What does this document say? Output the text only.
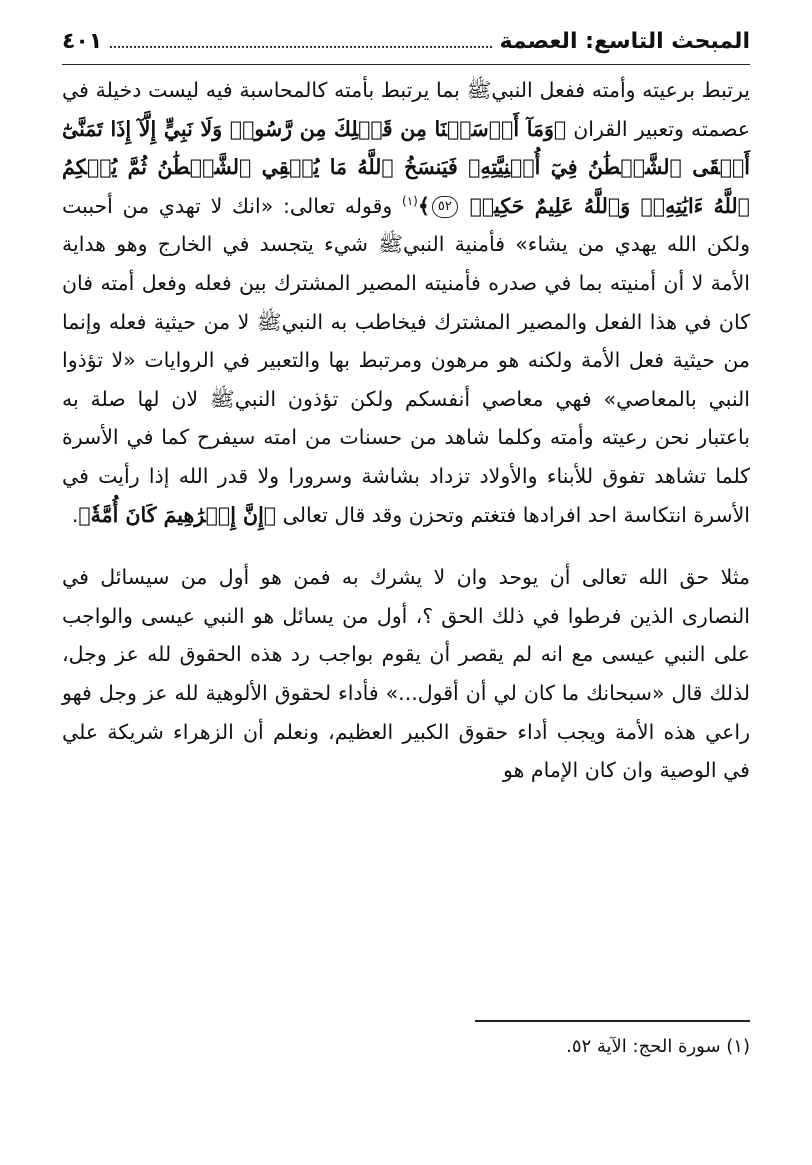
المبحث التاسع: العصمة
٤٠١

يرتبط برعيته وأمته ففعل النبيﷺ بما يرتبط بأمته كالمحاسبة فيه ليست دخيلة في عصمته وتعبير القران ﴿وَمَآ أَرۡسَلۡنَا مِن قَبۡلِكَ مِن رَّسُولٖ وَلَا نَبِيٍّ إِلَّآ إِذَا تَمَنَّىٰٓ أَلۡقَى ٱلشَّيۡطَٰنُ فِيٓ أُمۡنِيَّتِهِۦ فَيَنسَخُ ٱللَّهُ مَا يُلۡقِي ٱلشَّيۡطَٰنُ ثُمَّ يُحۡكِمُ ٱللَّهُ ءَايَٰتِهِۦۗ وَٱللَّهُ عَلِيمٌ حَكِيمٞ ٥٢﴾$^{(١)}$ وقوله تعالى: «انك لا تهدي من أحببت ولكن الله يهدي من يشاء» فأمنية النبيﷺ شيء يتجسد في الخارج وهو هداية الأمة لا أن أمنيته بما في صدره فأمنيته المصير المشترك بين فعله وفعل أمته فان كان في هذا الفعل والمصير المشترك فيخاطب به النبيﷺ لا من حيثية فعله وإنما من حيثية فعل الأمة ولكنه هو مرهون ومرتبط بها والتعبير في الروايات «لا تؤذوا النبي بالمعاصي» فهي معاصي أنفسكم ولكن تؤذون النبيﷺ لان لها صلة به باعتبار نحن رعيته وأمته وكلما شاهد من حسنات من امته سيفرح كما في الأسرة كلما تشاهد تفوق للأبناء والأولاد تزداد بشاشة وسرورا ولا قدر الله إذا رأيت في الأسرة انتكاسة احد افرادها فتغتم وتحزن وقد قال تعالى ﴿إِنَّ إِبۡرَٰهِيمَ كَانَ أُمَّةٗ﴾.

مثلا حق الله تعالى أن يوحد وان لا يشرك به فمن هو أول من سيسائل في النصارى الذين فرطوا في ذلك الحق ؟، أول من يسائل هو النبي عيسى والواجب على النبي عيسى مع انه لم يقصر أن يقوم بواجب رد هذه الحقوق لله عز وجل، لذلك قال «سبحانك ما كان لي أن أقول...» فأداء لحقوق الألوهية لله عز وجل فهو راعي هذه الأمة ويجب أداء حقوق الكبير العظيم، ونعلم أن الزهراء شريكة علي في الوصية وان كان الإمام هو

(١) سورة الحج: الآية ٥٢.
